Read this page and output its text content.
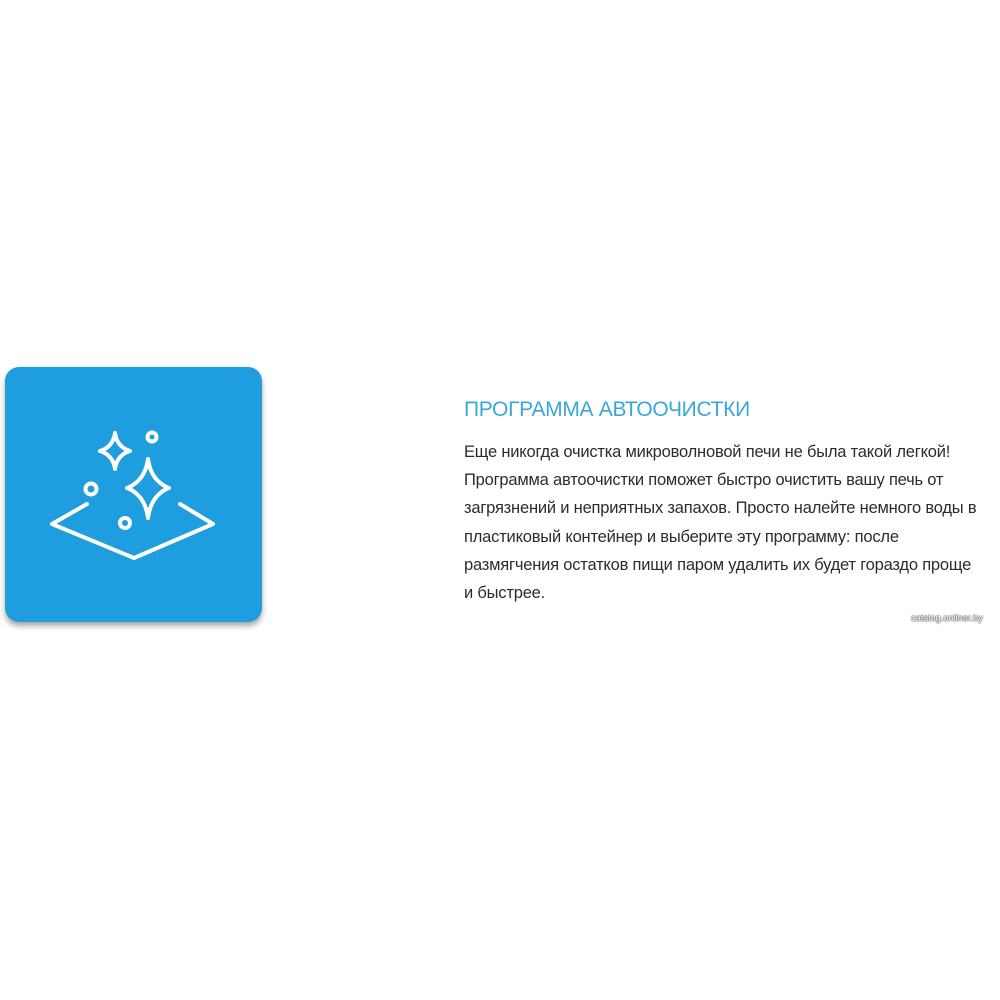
ПРОГРАММА АВТООЧИСТКИ

Еще никогда очистка микроволновой печи не была такой легкой!
Программа автоочистки поможет быстро очистить вашу печь от
загрязнений и неприятных запахов. Просто налейте немного воды в
пластиковый контейнер и выберите эту программу: после
размягчения остатков пищи паром удалить их будет гораздо проще
и быстрее.

catalog.onliner.by
